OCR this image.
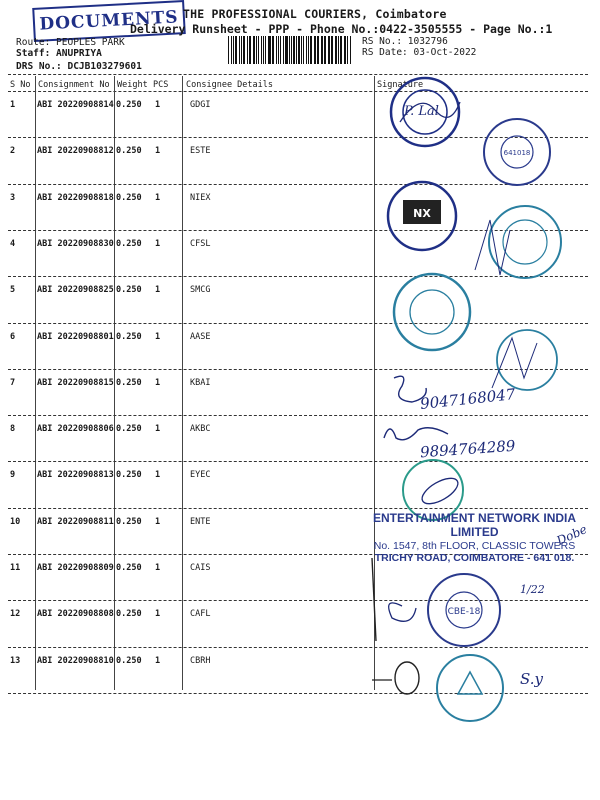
DOCUMENTS THE PROFESSIONAL COURIERS, Coimbatore
Delivery Runsheet - PPP - Phone No.:0422-3505555 - Page No.:1
Route: PEOPLES PARK
Staff: ANUPRIYA
DRS No.: DCJB103279601
RS No.: 1032796
RS Date: 03-Oct-2022
S No Consignment No Weight PCS Consignee Details	Signature
1	ABI 20220908814 0.250 1	GDGI
2	ABI 20220908812 0.250 1	ESTE
3	ABI 20220908818 0.250 1	NIEX
4	ABI 20220908830 0.250 1	CFSL
5	ABI 20220908825 0.250 1	SMCG
6	ABI 20220908801 0.250 1	AASE
7	ABI 20220908815 0.250 1	KBAI
8	ABI 20220908806 0.250 1	AKBC
9	ABI 20220908813 0.250 1	EYEC
10 ABI 20220908811 0.250 1	ENTE
11 ABI 20220908809 0.250 1	CAIS
12 ABI 20220908808 0.250 1	CAFL
13 ABI 20220908810 0.250 1	CBRH
P. Lal
641018
NX
9047168047
9894764289
ENTERTAINMENT NETWORK INDIA LIMITED
No. 1547, 8th FLOOR, CLASSIC TOWERS
TRICHY ROAD, COIMBATORE - 641 018.
Dobe
CBE-18
1/22
S.y
